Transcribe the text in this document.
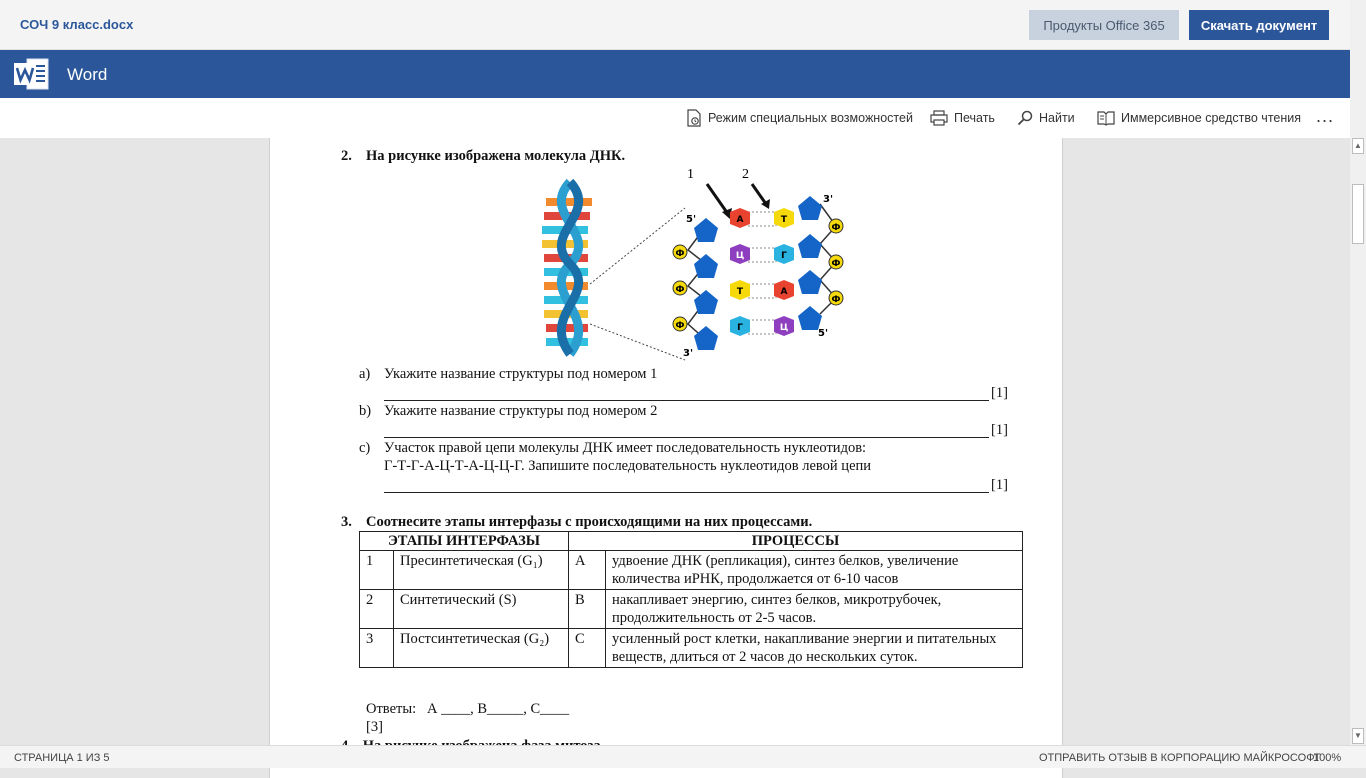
СОЧ 9 класс.docx	Продукты Office 365	Скачать документ
Word
Режим специальных возможностей	Печать	Найти	Иммерсивное средство чтения ...
2. На рисунке изображена молекула ДНК.
1	2
5'
3'
3'
5'
Ф
Ф
Ф
Ф
Ф
Ф
А	Т
Ц	Г
Т	А
Г	Ц
a) Укажите название структуры под номером 1
[1]
b) Укажите название структуры под номером 2
[1]
c) Участок правой цепи молекулы ДНК имеет последовательность нуклеотидов:
Г-Т-Г-А-Ц-Т-А-Ц-Ц-Г. Запишите последовательность нуклеотидов левой цепи
[1]
3. Соотнесите этапы интерфазы с происходящими на них процессами.
ЭТАПЫ ИНТЕРФАЗЫ		ПРОЦЕССЫ	
1	Пресинтетическая (G₁)	A	удвоение ДНК (репликация), синтез белков, увеличение количества иРНК, продолжается от 6-10 часов
2	Синтетический (S)	B	накапливает энергию, синтез белков, микротрубочек, продолжительность от 2-5 часов.
3	Постсинтетическая (G₂)	C	усиленный рост клетки, накапливание энергии и питательных веществ, длиться от 2 часов до нескольких суток.
Ответы:   А ____, В_____, С____
[3]
▲
▼
СТРАНИЦА 1 ИЗ 5	ОТПРАВИТЬ ОТЗЫВ В КОРПОРАЦИЮ МАЙКРОСОФТ
100%
